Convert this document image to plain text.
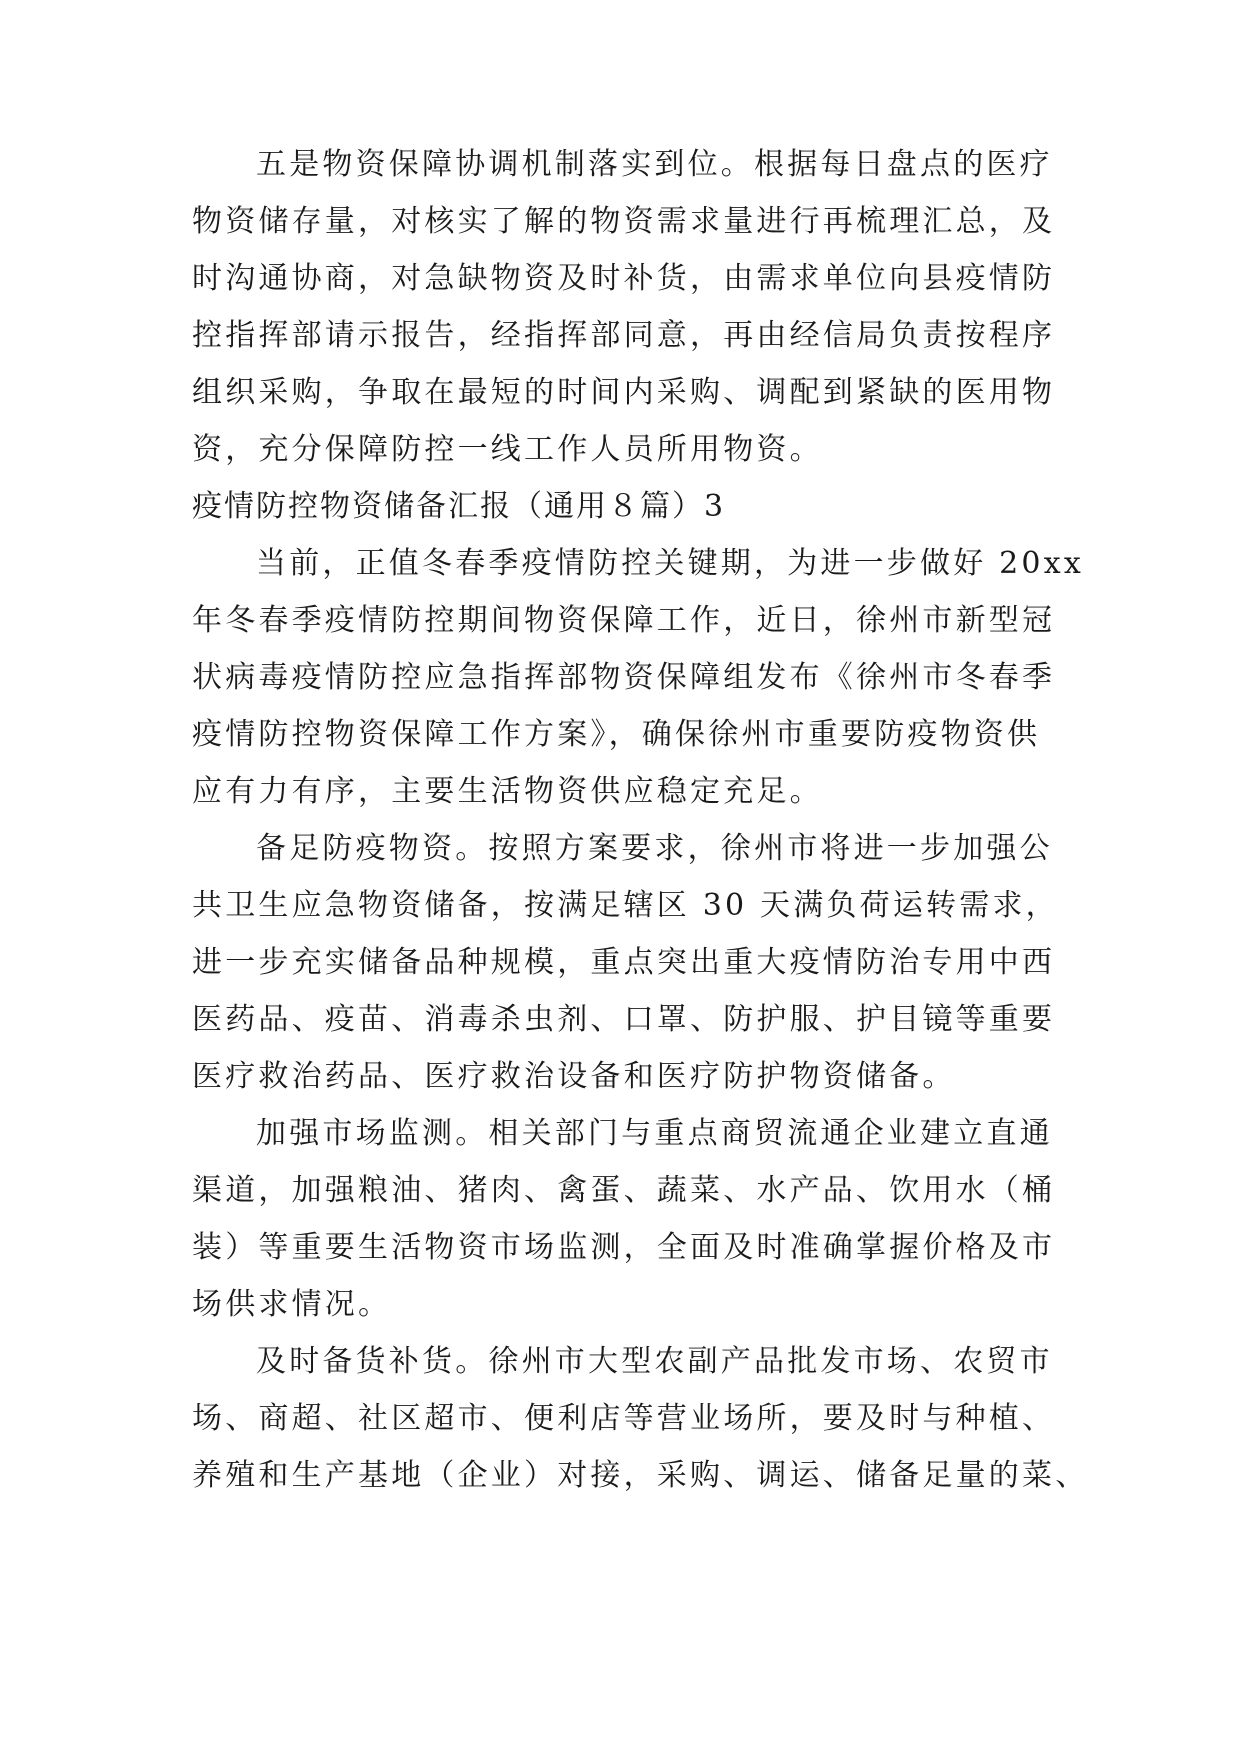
五是物资保障协调机制落实到位。根据每日盘点的医疗
物资储存量，对核实了解的物资需求量进行再梳理汇总，及
时沟通协商，对急缺物资及时补货，由需求单位向县疫情防
控指挥部请示报告，经指挥部同意，再由经信局负责按程序
组织采购，争取在最短的时间内采购、调配到紧缺的医用物
资，充分保障防控一线工作人员所用物资。
疫情防控物资储备汇报（通用８篇）3
当前，正值冬春季疫情防控关键期，为进一步做好 20xx
年冬春季疫情防控期间物资保障工作，近日，徐州市新型冠
状病毒疫情防控应急指挥部物资保障组发布《徐州市冬春季
疫情防控物资保障工作方案》，确保徐州市重要防疫物资供
应有力有序，主要生活物资供应稳定充足。
备足防疫物资。按照方案要求，徐州市将进一步加强公
共卫生应急物资储备，按满足辖区 30 天满负荷运转需求，
进一步充实储备品种规模，重点突出重大疫情防治专用中西
医药品、疫苗、消毒杀虫剂、口罩、防护服、护目镜等重要
医疗救治药品、医疗救治设备和医疗防护物资储备。
加强市场监测。相关部门与重点商贸流通企业建立直通
渠道，加强粮油、猪肉、禽蛋、蔬菜、水产品、饮用水（桶
装）等重要生活物资市场监测，全面及时准确掌握价格及市
场供求情况。
及时备货补货。徐州市大型农副产品批发市场、农贸市
场、商超、社区超市、便利店等营业场所，要及时与种植、
养殖和生产基地（企业）对接，采购、调运、储备足量的菜、
